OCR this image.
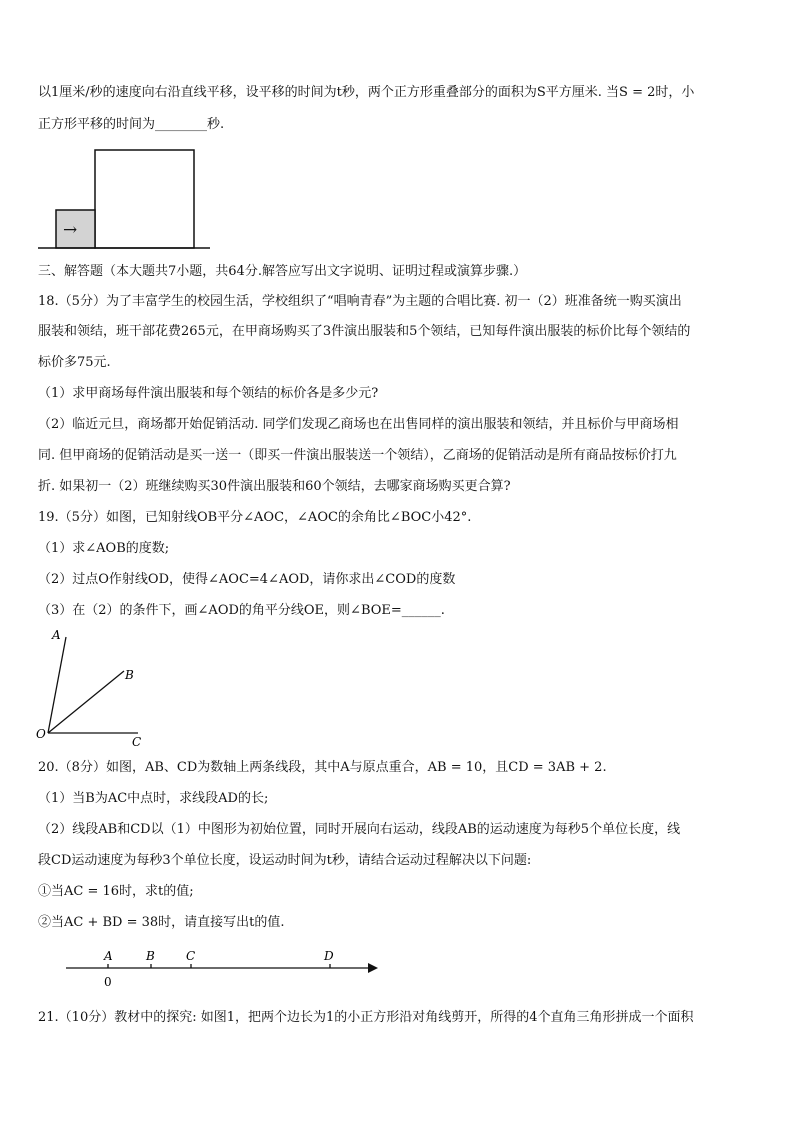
以1厘米/秒的速度向右沿直线平移，设平移的时间为t秒，两个正方形重叠部分的面积为S平方厘米. 当S = 2时，小
正方形平移的时间为________秒.
→
三、解答题（本大题共7小题，共64分.解答应写出文字说明、证明过程或演算步骤.）
18.（5分）为了丰富学生的校园生活，学校组织了“唱响青春”为主题的合唱比赛. 初一（2）班准备统一购买演出
服装和领结，班干部花费265元，在甲商场购买了3件演出服装和5个领结，已知每件演出服装的标价比每个领结的
标价多75元.
（1）求甲商场每件演出服装和每个领结的标价各是多少元?
（2）临近元旦，商场都开始促销活动. 同学们发现乙商场也在出售同样的演出服装和领结，并且标价与甲商场相
同. 但甲商场的促销活动是买一送一（即买一件演出服装送一个领结），乙商场的促销活动是所有商品按标价打九
折. 如果初一（2）班继续购买30件演出服装和60个领结，去哪家商场购买更合算?
19.（5分）如图，已知射线OB平分∠AOC，∠AOC的余角比∠BOC小42°.
（1）求∠AOB的度数;
（2）过点O作射线OD，使得∠AOC=4∠AOD，请你求出∠COD的度数
（3）在（2）的条件下，画∠AOD的角平分线OE，则∠BOE=______.
A
B
O
C
20.（8分）如图，AB、CD为数轴上两条线段，其中A与原点重合，AB = 10，且CD = 3AB + 2.
（1）当B为AC中点时，求线段AD的长;
（2）线段AB和CD以（1）中图形为初始位置，同时开展向右运动，线段AB的运动速度为每秒5个单位长度，线
段CD运动速度为每秒3个单位长度，设运动时间为t秒，请结合运动过程解决以下问题:
①当AC = 16时，求t的值;
②当AC + BD = 38时，请直接写出t的值.
A	B	C	D
0
21.（10分）教材中的探究: 如图1，把两个边长为1的小正方形沿对角线剪开，所得的4个直角三角形拼成一个面积
